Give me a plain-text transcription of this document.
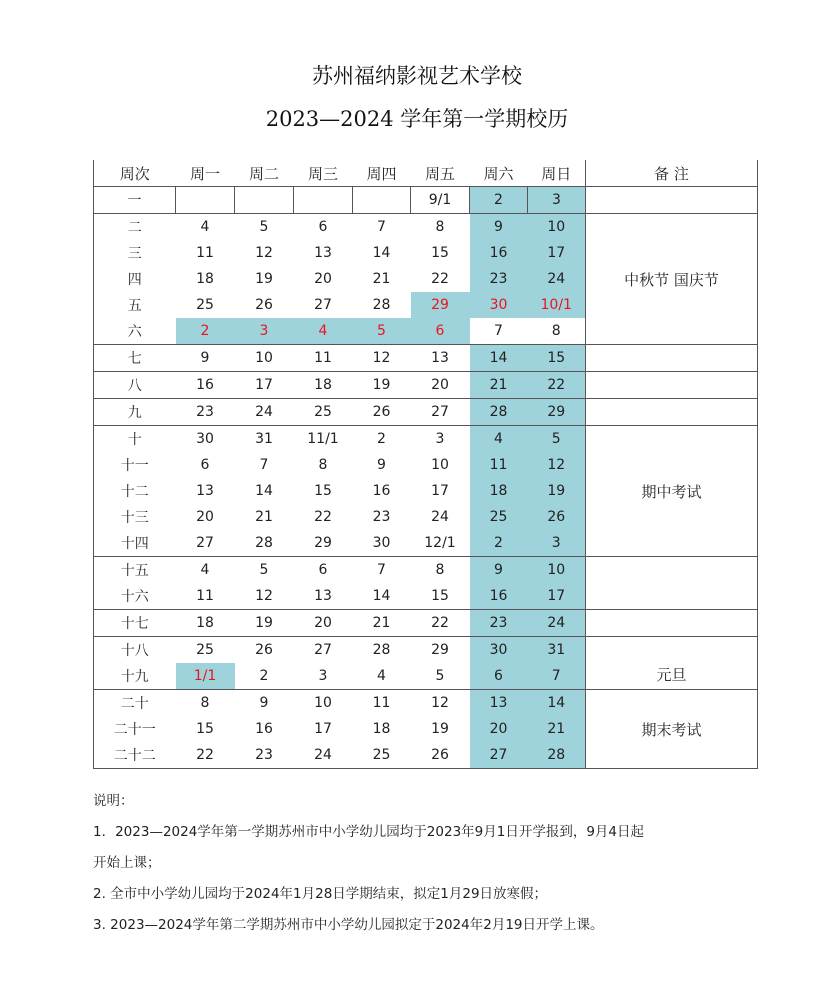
苏州福纳影视艺术学校
2023—2024 学年第一学期校历
周次	周一	周二	周三	周四	周五	周六	周日	备 注
一					9/1	2	3	
二	4	5	6	7	8	9	10	中秋节 国庆节
三	11	12	13	14	15	16	17	
四	18	19	20	21	22	23	24	
五	25	26	27	28	29	30	10/1	
六	2	3	4	5	6	7	8	
七	9	10	11	12	13	14	15	
八	16	17	18	19	20	21	22	
九	23	24	25	26	27	28	29	
十	30	31	11/1	2	3	4	5	期中考试
十一	6	7	8	9	10	11	12	
十二	13	14	15	16	17	18	19	
十三	20	21	22	23	24	25	26	
十四	27	28	29	30	12/1	2	3	
十五	4	5	6	7	8	9	10	
十六	11	12	13	14	15	16	17	
十七	18	19	20	21	22	23	24	
十八	25	26	27	28	29	30	31	元旦
十九	1/1	2	3	4	5	6	7	
二十	8	9	10	11	12	13	14	期末考试
二十一	15	16	17	18	19	20	21	
二十二	22	23	24	25	26	27	28	
说明：
1．2023—2024学年第一学期苏州市中小学幼儿园均于2023年9月1日开学报到，9月4日起
开始上课；
2. 全市中小学幼儿园均于2024年1月28日学期结束，拟定1月29日放寒假；
3. 2023—2024学年第二学期苏州市中小学幼儿园拟定于2024年2月19日开学上课。
